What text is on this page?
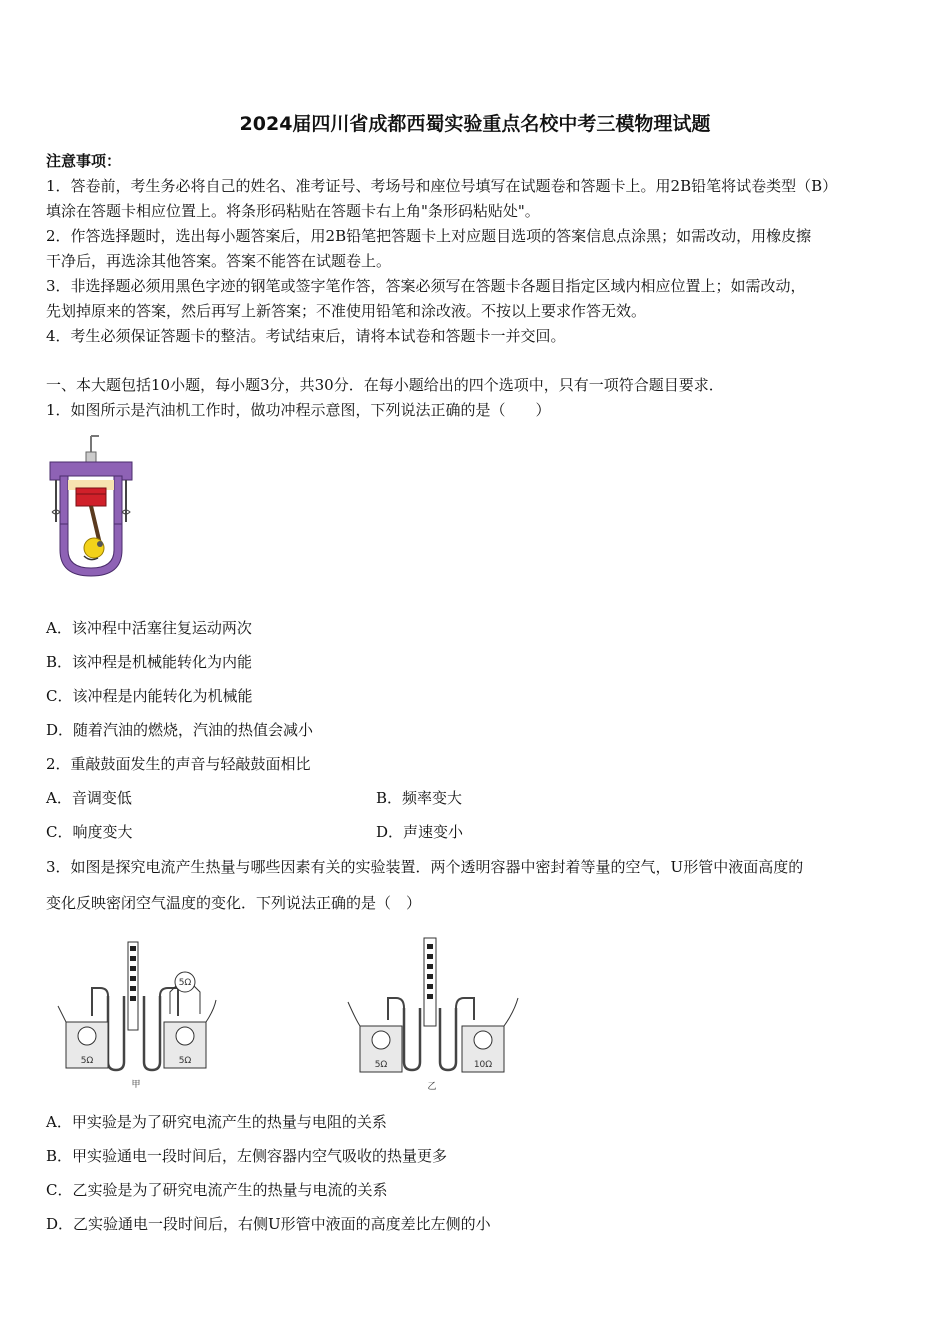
2024届四川省成都西蜀实验重点名校中考三模物理试题
注意事项：
1．答卷前，考生务必将自己的姓名、准考证号、考场号和座位号填写在试题卷和答题卡上。用2B铅笔将试卷类型（B）
填涂在答题卡相应位置上。将条形码粘贴在答题卡右上角"条形码粘贴处"。
2．作答选择题时，选出每小题答案后，用2B铅笔把答题卡上对应题目选项的答案信息点涂黑；如需改动，用橡皮擦
干净后，再选涂其他答案。答案不能答在试题卷上。
3．非选择题必须用黑色字迹的钢笔或签字笔作答，答案必须写在答题卡各题目指定区域内相应位置上；如需改动，
先划掉原来的答案，然后再写上新答案；不准使用铅笔和涂改液。不按以上要求作答无效。
4．考生必须保证答题卡的整洁。考试结束后，请将本试卷和答题卡一并交回。
一、本大题包括10小题，每小题3分，共30分．在每小题给出的四个选项中，只有一项符合题目要求．
1．如图所示是汽油机工作时，做功冲程示意图，下列说法正确的是（　　）
A．该冲程中活塞往复运动两次
B．该冲程是机械能转化为内能
C．该冲程是内能转化为机械能
D．随着汽油的燃烧，汽油的热值会减小
2．重敲鼓面发生的声音与轻敲鼓面相比
A．音调变低	B．频率变大
C．响度变大	D．声速变小
3．如图是探究电流产生热量与哪些因素有关的实验装置．两个透明容器中密封着等量的空气，U形管中液面高度的
变化反映密闭空气温度的变化．下列说法正确的是（　）
5Ω
5Ω	5Ω
甲
5Ω	10Ω
乙
A．甲实验是为了研究电流产生的热量与电阻的关系
B．甲实验通电一段时间后，左侧容器内空气吸收的热量更多
C．乙实验是为了研究电流产生的热量与电流的关系
D．乙实验通电一段时间后，右侧U形管中液面的高度差比左侧的小
